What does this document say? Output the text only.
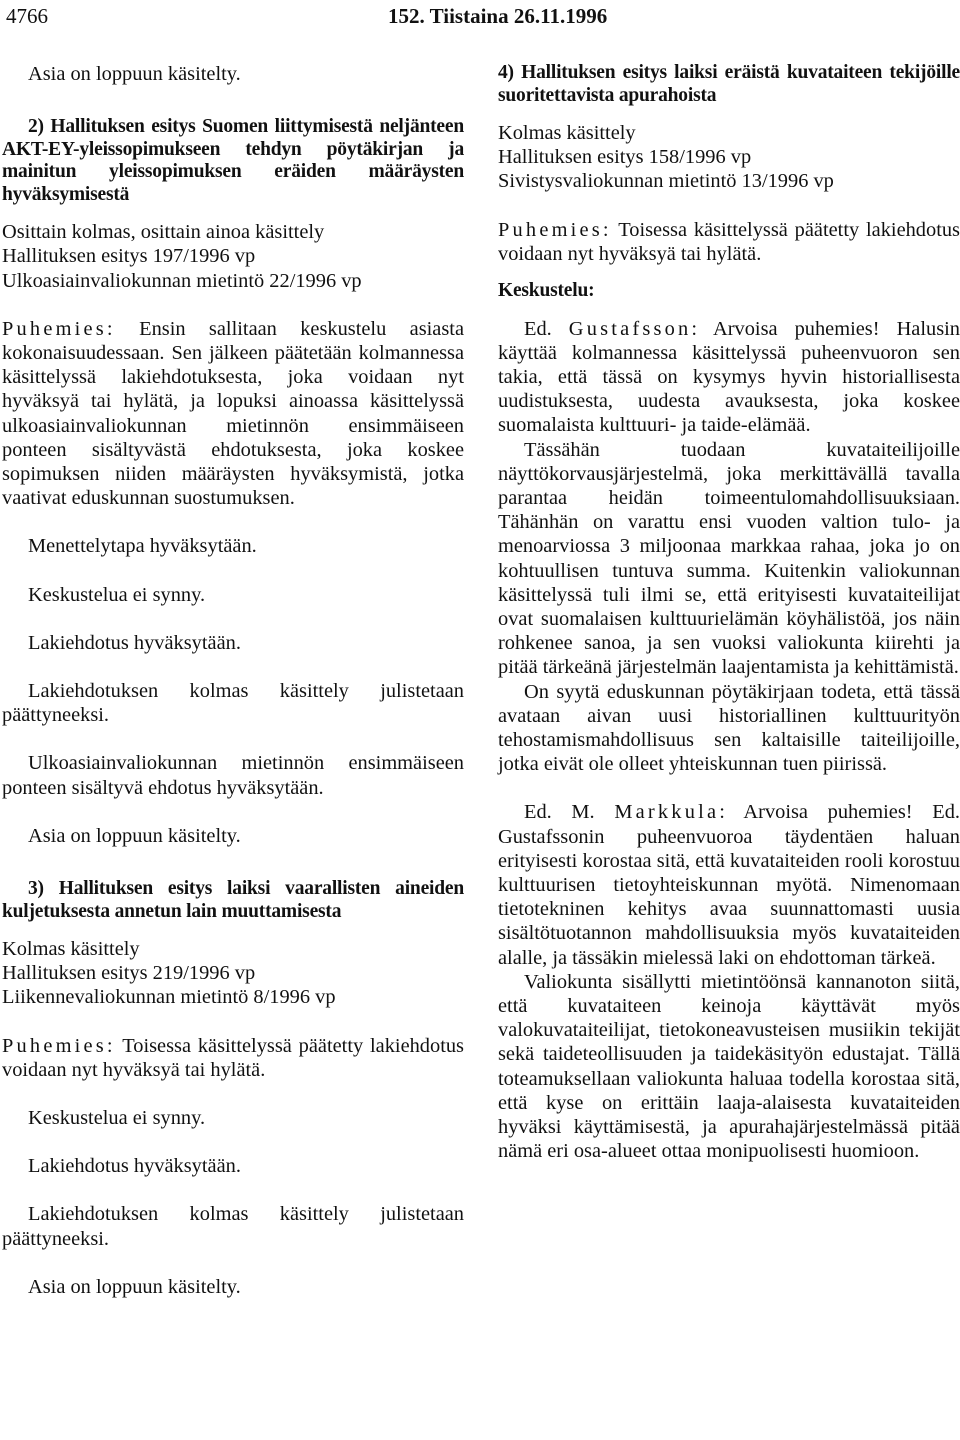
4766	152. Tiistaina 26.11.1996

Asia on loppuun käsitelty.

2) Hallituksen esitys Suomen liittymisestä neljänteen AKT-EY-yleissopimukseen tehdyn pöytäkirjan ja mainitun yleissopimuksen eräiden määräysten hyväksymisestä

Osittain kolmas, osittain ainoa käsittely

Hallituksen esitys 197/1996 vp

Ulkoasiainvaliokunnan mietintö 22/1996 vp

Puhemies: Ensin sallitaan keskustelu asiasta kokonaisuudessaan. Sen jälkeen päätetään kolmannessa käsittelyssä lakiehdotuksesta, joka voidaan nyt hyväksyä tai hylätä, ja lopuksi ainoassa käsittelyssä ulkoasiainvaliokunnan mietinnön ensimmäiseen ponteen sisältyvästä ehdotuksesta, joka koskee sopimuksen niiden määräysten hyväksymistä, jotka vaativat eduskunnan suostumuksen.

Menettelytapa hyväksytään.

Keskustelua ei synny.

Lakiehdotus hyväksytään.

Lakiehdotuksen kolmas käsittely julistetaan päättyneeksi.

Ulkoasiainvaliokunnan mietinnön ensimmäiseen ponteen sisältyvä ehdotus hyväksytään.

Asia on loppuun käsitelty.

3) Hallituksen esitys laiksi vaarallisten aineiden kuljetuksesta annetun lain muuttamisesta

Kolmas käsittely

Hallituksen esitys 219/1996 vp

Liikennevaliokunnan mietintö 8/1996 vp

Puhemies: Toisessa käsittelyssä päätetty lakiehdotus voidaan nyt hyväksyä tai hylätä.

Keskustelua ei synny.

Lakiehdotus hyväksytään.

Lakiehdotuksen kolmas käsittely julistetaan päättyneeksi.

Asia on loppuun käsitelty.

4) Hallituksen esitys laiksi eräistä kuvataiteen tekijöille suoritettavista apurahoista

Kolmas käsittely

Hallituksen esitys 158/1996 vp

Sivistysvaliokunnan mietintö 13/1996 vp

Puhemies: Toisessa käsittelyssä päätetty lakiehdotus voidaan nyt hyväksyä tai hylätä.

Keskustelu:

Ed. Gustafsson: Arvoisa puhemies! Halusin käyttää kolmannessa käsittelyssä puheenvuoron sen takia, että tässä on kysymys hyvin historiallisesta uudistuksesta, uudesta avauksesta, joka koskee suomalaista kulttuuri- ja taide-elämää.

Tässähän tuodaan kuvataiteilijoille näyttökorvausjärjestelmä, joka merkittävällä tavalla parantaa heidän toimeentulomahdollisuuksiaan. Tähänhän on varattu ensi vuoden valtion tulo- ja menoarviossa 3 miljoonaa markkaa rahaa, joka jo on kohtuullisen tuntuva summa. Kuitenkin valiokunnan käsittelyssä tuli ilmi se, että erityisesti kuvataiteilijat ovat suomalaisen kulttuurielämän köyhälistöä, jos näin rohkenee sanoa, ja sen vuoksi valiokunta kiirehti ja pitää tärkeänä järjestelmän laajentamista ja kehittämistä.

On syytä eduskunnan pöytäkirjaan todeta, että tässä avataan aivan uusi historiallinen kulttuurityön tehostamismahdollisuus sen kaltaisille taiteilijoille, jotka eivät ole olleet yhteiskunnan tuen piirissä.

Ed. M. Markkula: Arvoisa puhemies! Ed. Gustafssonin puheenvuoroa täydentäen haluan erityisesti korostaa sitä, että kuvataiteiden rooli korostuu kulttuurisen tietoyhteiskunnan myötä. Nimenomaan tietotekninen kehitys avaa suunnattomasti uusia sisältötuotannon mahdollisuuksia myös kuvataiteiden alalle, ja tässäkin mielessä laki on ehdottoman tärkeä.

Valiokunta sisällytti mietintöönsä kannanoton siitä, että kuvataiteen keinoja käyttävät myös valokuvataiteilijat, tietokoneavusteisen musiikin tekijät sekä taideteollisuuden ja taidekäsityön edustajat. Tällä toteamuksellaan valiokunta haluaa todella korostaa sitä, että kyse on erittäin laaja-alaisesta kuvataiteiden hyväksi käyttämisestä, ja apurahajärjestelmässä pitää nämä eri osa-alueet ottaa monipuolisesti huomioon.
